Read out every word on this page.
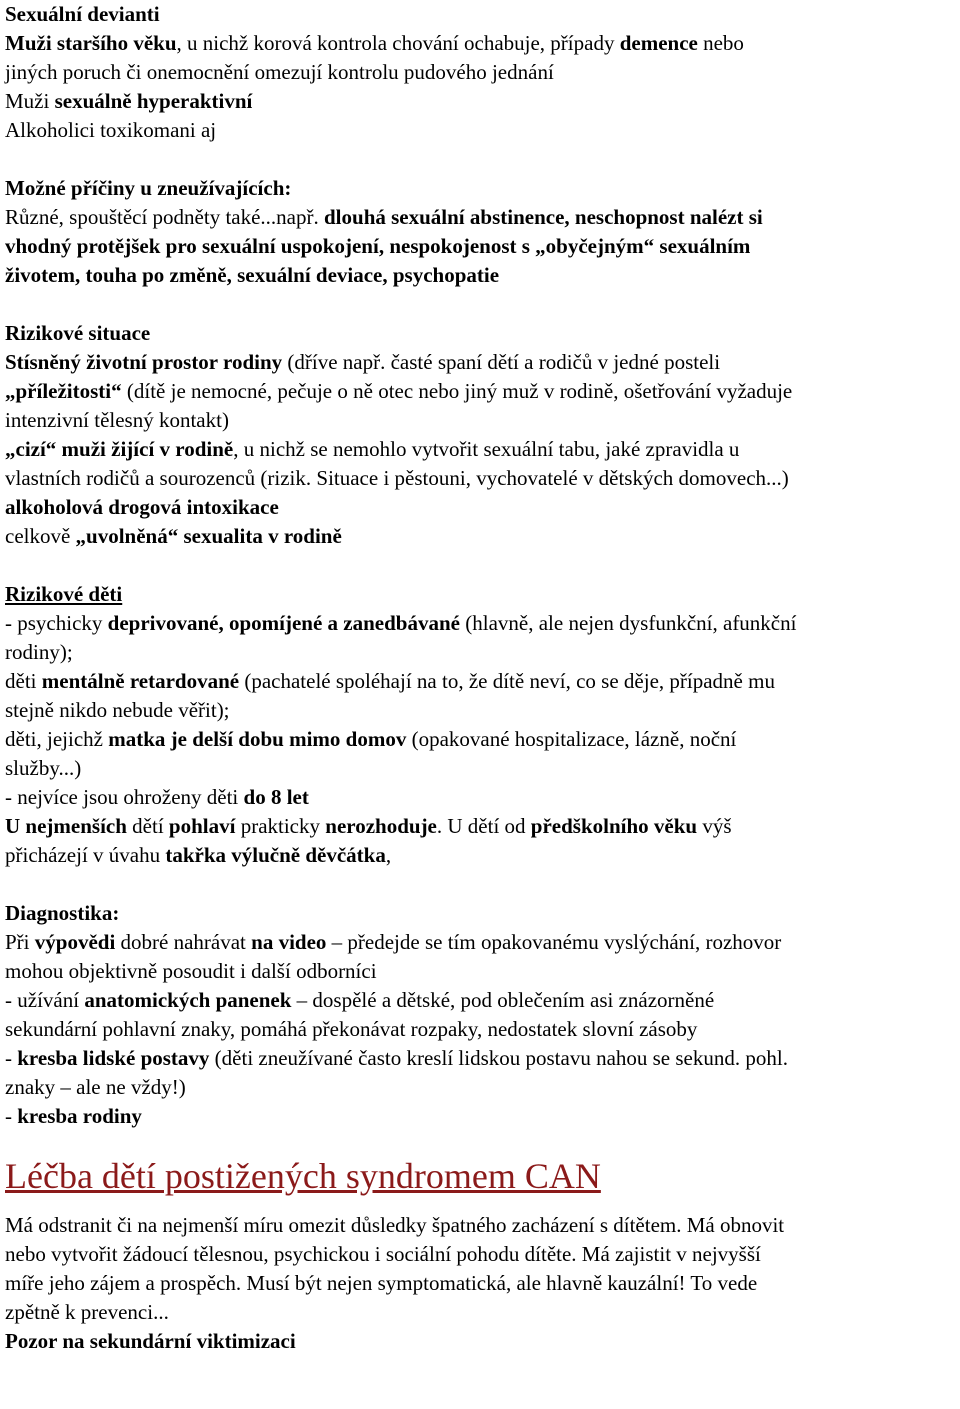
Sexuální devianti
Muži staršího věku, u nichž korová kontrola chování ochabuje, případy demence nebo
jiných poruch či onemocnění omezují kontrolu pudového jednání
Muži sexuálně hyperaktivní
Alkoholici toxikomani aj
Možné příčiny u zneužívajících:
Různé, spouštěcí podněty také...např. dlouhá sexuální abstinence, neschopnost nalézt si
vhodný protějšek pro sexuální uspokojení, nespokojenost s „obyčejným“ sexuálním
životem, touha po změně, sexuální deviace, psychopatie
Rizikové situace
Stísněný životní prostor rodiny (dříve např. časté spaní dětí a rodičů v jedné posteli
„příležitosti“ (dítě je nemocné, pečuje o ně otec nebo jiný muž v rodině, ošetřování vyžaduje
intenzivní tělesný kontakt)
„cizí“ muži žijící v rodině, u nichž se nemohlo vytvořit sexuální tabu, jaké zpravidla u
vlastních rodičů a sourozenců (rizik. Situace i pěstouni, vychovatelé v dětských domovech...)
alkoholová drogová intoxikace
celkově „uvolněná“ sexualita v rodině
Rizikové děti
- psychicky deprivované, opomíjené a zanedbávané (hlavně, ale nejen dysfunkční, afunkční
rodiny);
děti mentálně retardované (pachatelé spoléhají na to, že dítě neví, co se děje, případně mu
stejně nikdo nebude věřit);
děti, jejichž matka je delší dobu mimo domov (opakované hospitalizace, lázně, noční
služby...)
- nejvíce jsou ohroženy děti do 8 let
U nejmenších dětí pohlaví prakticky nerozhoduje. U dětí od předškolního věku výš
přicházejí v úvahu takřka výlučně děvčátka,
Diagnostika:
Při výpovědi dobré nahrávat na video – předejde se tím opakovanému vyslýchání, rozhovor
mohou objektivně posoudit i další odborníci
- užívání anatomických panenek – dospělé a dětské, pod oblečením asi znázorněné
sekundární pohlavní znaky, pomáhá překonávat rozpaky, nedostatek slovní zásoby
- kresba lidské postavy (děti zneužívané často kreslí lidskou postavu nahou se sekund. pohl.
znaky – ale ne vždy!)
- kresba rodiny
Léčba dětí postižených syndromem CAN
Má odstranit či na nejmenší míru omezit důsledky špatného zacházení s dítětem. Má obnovit
nebo vytvořit žádoucí tělesnou, psychickou i sociální pohodu dítěte. Má zajistit v nejvyšší
míře jeho zájem a prospěch. Musí být nejen symptomatická, ale hlavně kauzální! To vede
zpětně k prevenci...
Pozor na sekundární viktimizaci
